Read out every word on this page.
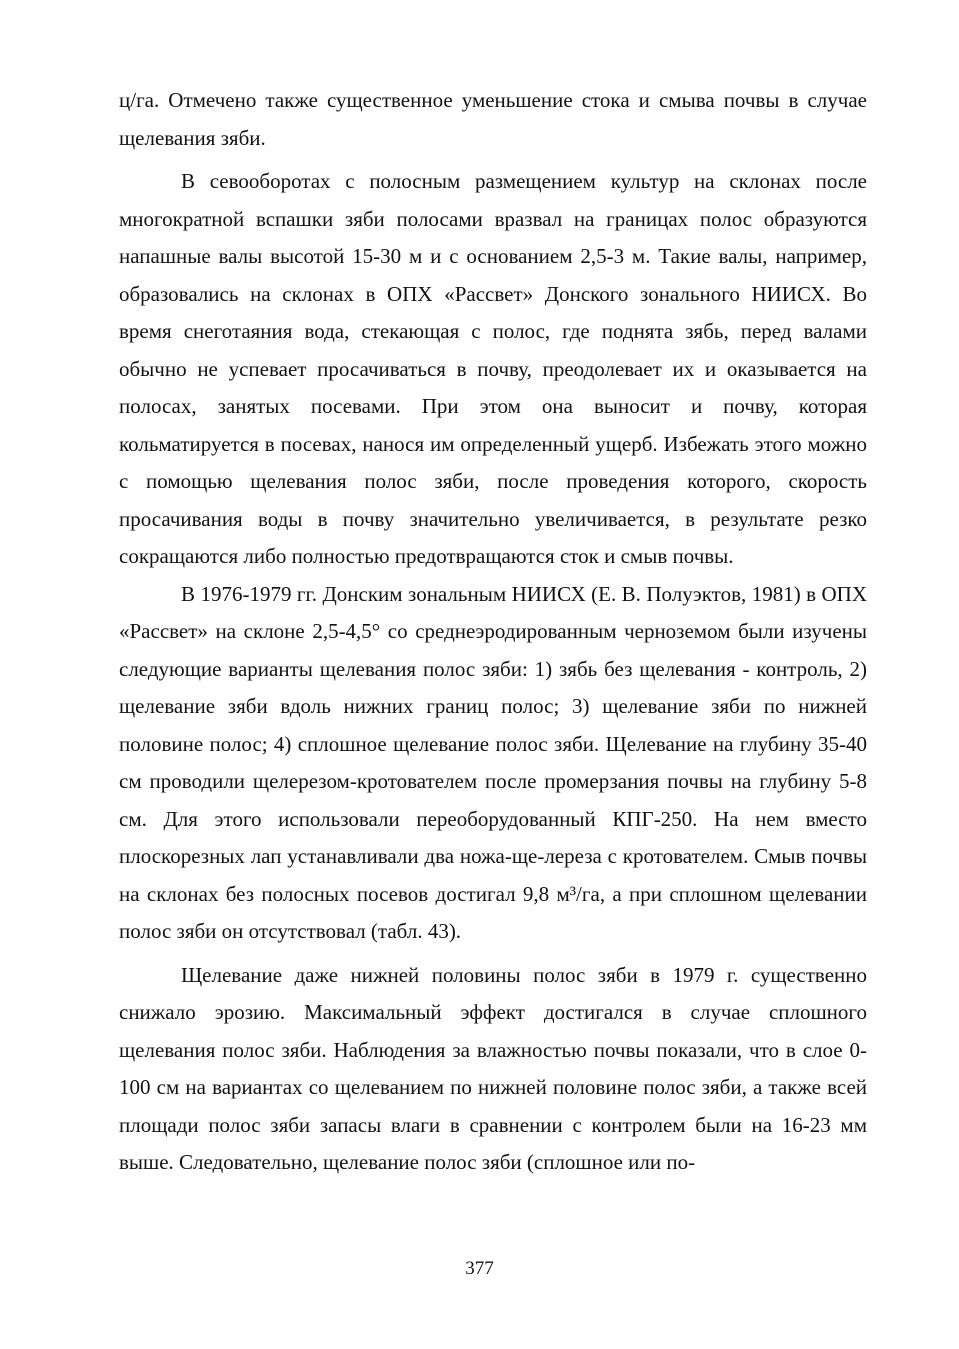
ц/га. Отмечено также существенное уменьшение стока и смыва почвы в случае щелевания зяби.

В севооборотах с полосным размещением культур на склонах после многократной вспашки зяби полосами вразвал на границах полос образуются напашные валы высотой 15-30 м и с основанием 2,5-3 м. Такие валы, например, образовались на склонах в ОПХ «Рассвет» Донского зонального НИИСХ. Во время снеготаяния вода, стекающая с полос, где поднята зябь, перед валами обычно не успевает просачиваться в почву, преодолевает их и оказывается на полосах, занятых посевами. При этом она выносит и почву, которая кольматируется в посевах, нанося им определенный ущерб. Избежать этого можно с помощью щелевания полос зяби, после проведения которого, скорость просачивания воды в почву значительно увеличивается, в результате резко сокращаются либо полностью предотвращаются сток и смыв почвы.

В 1976-1979 гг. Донским зональным НИИСХ (Е. В. Полуэктов, 1981) в ОПХ «Рассвет» на склоне 2,5-4,5° со среднеэродированным черноземом были изучены следующие варианты щелевания полос зяби: 1) зябь без щелевания - контроль, 2) щелевание зяби вдоль нижних границ полос; 3) щелевание зяби по нижней половине полос; 4) сплошное щелевание полос зяби. Щелевание на глубину 35-40 см проводили щелерезом-кротователем после промерзания почвы на глубину 5-8 см. Для этого использовали переоборудованный КПГ-250. На нем вместо плоскорезных лап устанавливали два ножа-ще-лереза с кротователем. Смыв почвы на склонах без полосных посевов достигал 9,8 м³/га, а при сплошном щелевании полос зяби он отсутствовал (табл. 43).

Щелевание даже нижней половины полос зяби в 1979 г. существенно снижало эрозию. Максимальный эффект достигался в случае сплошного щелевания полос зяби. Наблюдения за влажностью почвы показали, что в слое 0-100 см на вариантах со щелеванием по нижней половине полос зяби, а также всей площади полос зяби запасы влаги в сравнении с контролем были на 16-23 мм выше. Следовательно, щелевание полос зяби (сплошное или по-

377
